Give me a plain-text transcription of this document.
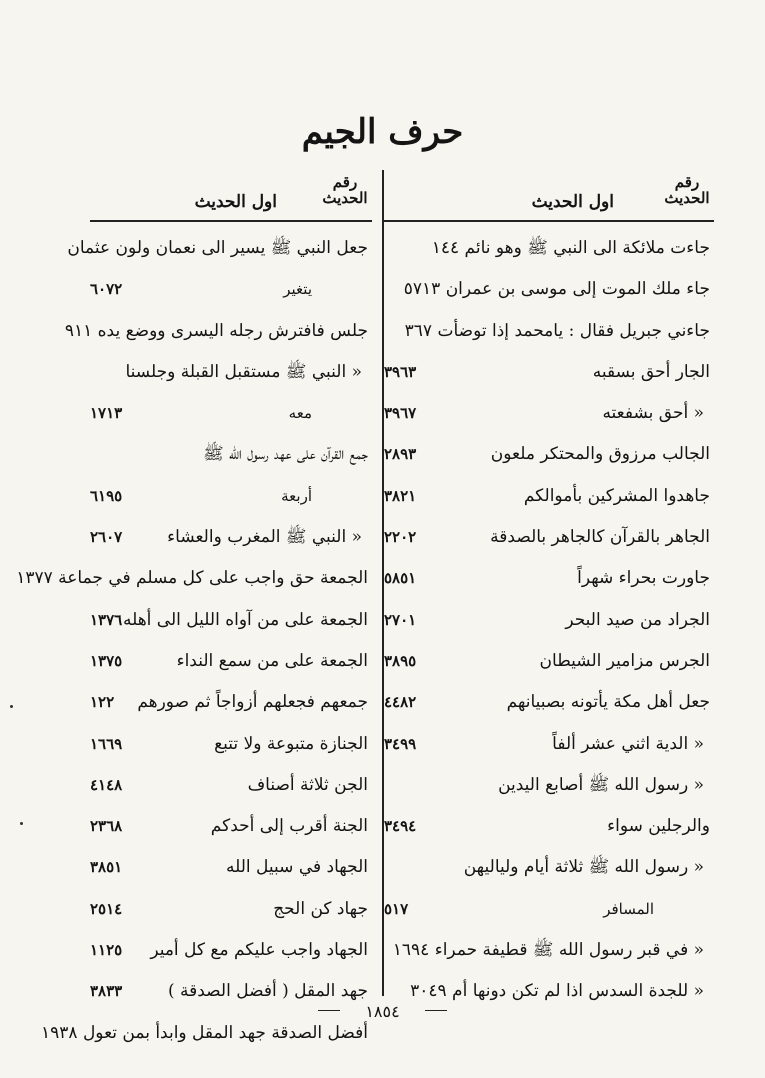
حرف الجيم
رقم
الحديث
اول الحديث
جاءت ملائكة الى النبي ﷺ وهو نائم ١٤٤
جاء ملك الموت إلى موسى بن عمران ٥٧١٣
جاءني جبريل فقال : يامحمد إذا توضأت ٣٦٧
الجار أحق بسقبه
٣٩٦٣
« أحق بشفعته
٣٩٦٧
الجالب مرزوق والمحتكر ملعون
٢٨٩٣
جاهدوا المشركين بأموالكم
٣٨٢١
الجاهر بالقرآن كالجاهر بالصدقة
٢٢٠٢
جاورت بحراء شهراً
٥٨٥١
الجراد من صيد البحر
٢٧٠١
الجرس مزامير الشيطان
٣٨٩٥
جعل أهل مكة يأتونه بصبيانهم
٤٤٨٢
« الدية اثني عشر ألفاً
٣٤٩٩
« رسول الله ﷺ أصابع اليدين
والرجلين سواء
٣٤٩٤
« رسول الله ﷺ ثلاثة أيام ولياليهن
المسافر
٥١٧
« في قبر رسول الله ﷺ قطيفة حمراء ١٦٩٤
« للجدة السدس اذا لم تكن دونها أم ٣٠٤٩
رقم
الحديث
اول الحديث
جعل النبي ﷺ يسير الى نعمان ولون عثمان
يتغير
٦٠٧٢
جلس فافترش رجله اليسرى ووضع يده ٩١١
« النبي ﷺ مستقبل القبلة وجلسنا
معه
١٧١٣
جمع القرآن على عهد رسول الله ﷺ
أربعة
٦١٩٥
« النبي ﷺ المغرب والعشاء
٢٦٠٧
الجمعة حق واجب على كل مسلم في جماعة ١٣٧٧
الجمعة على من آواه الليل الى أهله
١٣٧٦
الجمعة على من سمع النداء
١٣٧٥
جمعهم فجعلهم أزواجاً ثم صورهم
١٢٢
الجنازة متبوعة ولا تتبع
١٦٦٩
الجن ثلاثة أصناف
٤١٤٨
الجنة أقرب إلى أحدكم
٢٣٦٨
الجهاد في سبيل الله
٣٨٥١
جهاد كن الحج
٢٥١٤
الجهاد واجب عليكم مع كل أمير
١١٢٥
جهد المقل ( أفضل الصدقة )
٣٨٣٣
أفضل الصدقة جهد المقل وابدأ بمن تعول ١٩٣٨
١٨٥٤
